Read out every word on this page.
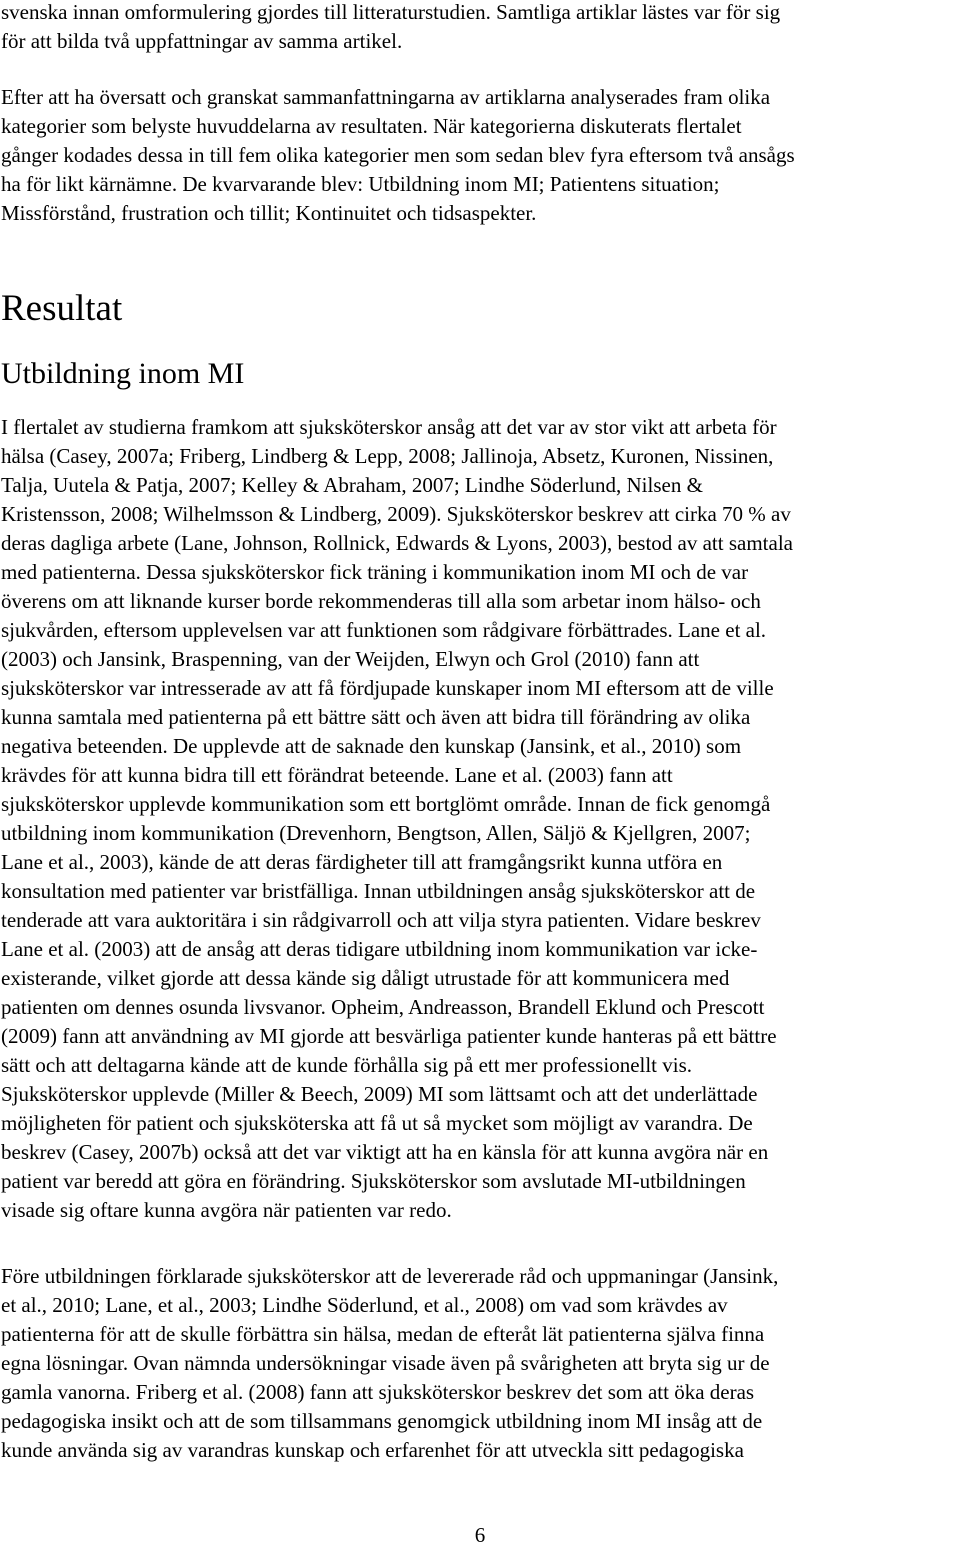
svenska innan omformulering gjordes till litteraturstudien. Samtliga artiklar lästes var för sig
för att bilda två uppfattningar av samma artikel.
Efter att ha översatt och granskat sammanfattningarna av artiklarna analyserades fram olika
kategorier som belyste huvuddelarna av resultaten. När kategorierna diskuterats flertalet
gånger kodades dessa in till fem olika kategorier men som sedan blev fyra eftersom två ansågs
ha för likt kärnämne. De kvarvarande blev: Utbildning inom MI; Patientens situation;
Missförstånd, frustration och tillit; Kontinuitet och tidsaspekter.
Resultat
Utbildning inom MI
I flertalet av studierna framkom att sjuksköterskor ansåg att det var av stor vikt att arbeta för
hälsa (Casey, 2007a; Friberg, Lindberg & Lepp, 2008; Jallinoja, Absetz, Kuronen, Nissinen,
Talja, Uutela & Patja, 2007; Kelley & Abraham, 2007; Lindhe Söderlund, Nilsen &
Kristensson, 2008; Wilhelmsson & Lindberg, 2009). Sjuksköterskor beskrev att cirka 70 % av
deras dagliga arbete (Lane, Johnson, Rollnick, Edwards & Lyons, 2003), bestod av att samtala
med patienterna. Dessa sjuksköterskor fick träning i kommunikation inom MI och de var
överens om att liknande kurser borde rekommenderas till alla som arbetar inom hälso- och
sjukvården, eftersom upplevelsen var att funktionen som rådgivare förbättrades. Lane et al.
(2003) och Jansink, Braspenning, van der Weijden, Elwyn och Grol (2010) fann att
sjuksköterskor var intresserade av att få fördjupade kunskaper inom MI eftersom att de ville
kunna samtala med patienterna på ett bättre sätt och även att bidra till förändring av olika
negativa beteenden. De upplevde att de saknade den kunskap (Jansink, et al., 2010) som
krävdes för att kunna bidra till ett förändrat beteende. Lane et al. (2003) fann att
sjuksköterskor upplevde kommunikation som ett bortglömt område. Innan de fick genomgå
utbildning inom kommunikation (Drevenhorn, Bengtson, Allen, Säljö & Kjellgren, 2007;
Lane et al., 2003), kände de att deras färdigheter till att framgångsrikt kunna utföra en
konsultation med patienter var bristfälliga. Innan utbildningen ansåg sjuksköterskor att de
tenderade att vara auktoritära i sin rådgivarroll och att vilja styra patienten. Vidare beskrev
Lane et al. (2003) att de ansåg att deras tidigare utbildning inom kommunikation var icke-
existerande, vilket gjorde att dessa kände sig dåligt utrustade för att kommunicera med
patienten om dennes osunda livsvanor. Opheim, Andreasson, Brandell Eklund och Prescott
(2009) fann att användning av MI gjorde att besvärliga patienter kunde hanteras på ett bättre
sätt och att deltagarna kände att de kunde förhålla sig på ett mer professionellt vis.
Sjuksköterskor upplevde (Miller & Beech, 2009) MI som lättsamt och att det underlättade
möjligheten för patient och sjuksköterska att få ut så mycket som möjligt av varandra. De
beskrev (Casey, 2007b) också att det var viktigt att ha en känsla för att kunna avgöra när en
patient var beredd att göra en förändring. Sjuksköterskor som avslutade MI-utbildningen
visade sig oftare kunna avgöra när patienten var redo.
Före utbildningen förklarade sjuksköterskor att de levererade råd och uppmaningar (Jansink,
et al., 2010; Lane, et al., 2003; Lindhe Söderlund, et al., 2008) om vad som krävdes av
patienterna för att de skulle förbättra sin hälsa, medan de efteråt lät patienterna själva finna
egna lösningar. Ovan nämnda undersökningar visade även på svårigheten att bryta sig ur de
gamla vanorna. Friberg et al. (2008) fann att sjuksköterskor beskrev det som att öka deras
pedagogiska insikt och att de som tillsammans genomgick utbildning inom MI insåg att de
kunde använda sig av varandras kunskap och erfarenhet för att utveckla sitt pedagogiska

6
